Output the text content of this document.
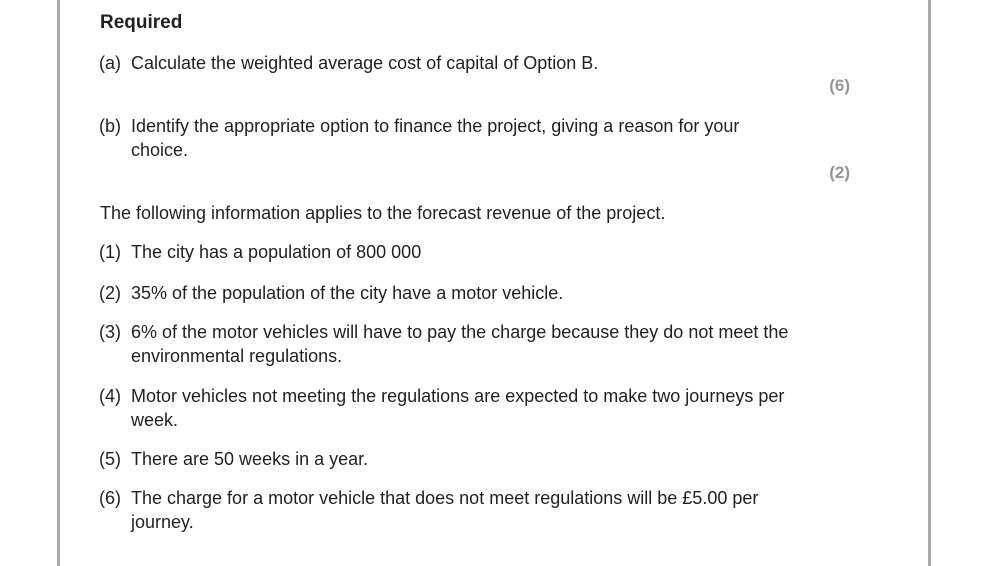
Required
(a) Calculate the weighted average cost of capital of Option B.
(6)
(b) Identify the appropriate option to finance the project, giving a reason for your choice.
(2)
The following information applies to the forecast revenue of the project.
(1) The city has a population of 800 000
(2) 35% of the population of the city have a motor vehicle.
(3) 6% of the motor vehicles will have to pay the charge because they do not meet the environmental regulations.
(4) Motor vehicles not meeting the regulations are expected to make two journeys per week.
(5) There are 50 weeks in a year.
(6) The charge for a motor vehicle that does not meet regulations will be £5.00 per journey.
